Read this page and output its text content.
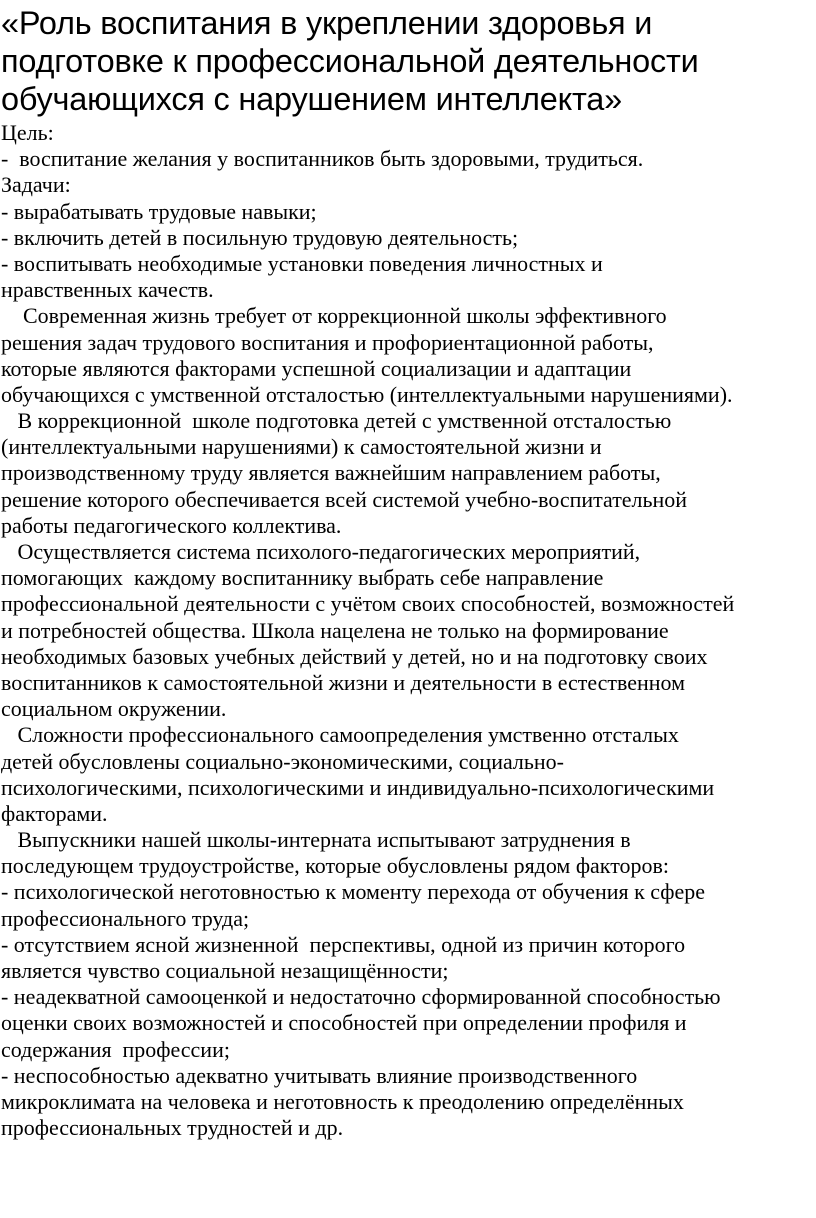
«Роль воспитания в укреплении здоровья и
подготовке к профессиональной деятельности
обучающихся с нарушением интеллекта»
Цель:
-  воспитание желания у воспитанников быть здоровыми, трудиться.
Задачи:
- вырабатывать трудовые навыки;
- включить детей в посильную трудовую деятельность;
- воспитывать необходимые установки поведения личностных и
нравственных качеств.
Современная жизнь требует от коррекционной школы эффективного
решения задач трудового воспитания и профориентационной работы,
которые являются факторами успешной социализации и адаптации
обучающихся с умственной отсталостью (интеллектуальными нарушениями).
В коррекционной  школе подготовка детей с умственной отсталостью
(интеллектуальными нарушениями) к самостоятельной жизни и
производственному труду является важнейшим направлением работы,
решение которого обеспечивается всей системой учебно-воспитательной
работы педагогического коллектива.
Осуществляется система психолого-педагогических мероприятий,
помогающих  каждому воспитаннику выбрать себе направление
профессиональной деятельности с учётом своих способностей, возможностей
и потребностей общества. Школа нацелена не только на формирование
необходимых базовых учебных действий у детей, но и на подготовку своих
воспитанников к самостоятельной жизни и деятельности в естественном
социальном окружении.
Сложности профессионального самоопределения умственно отсталых
детей обусловлены социально-экономическими, социально-
психологическими, психологическими и индивидуально-психологическими
факторами.
Выпускники нашей школы-интерната испытывают затруднения в
последующем трудоустройстве, которые обусловлены рядом факторов:
- психологической неготовностью к моменту перехода от обучения к сфере
профессионального труда;
- отсутствием ясной жизненной  перспективы, одной из причин которого
является чувство социальной незащищённости;
- неадекватной самооценкой и недостаточно сформированной способностью
оценки своих возможностей и способностей при определении профиля и
содержания  профессии;
- неспособностью адекватно учитывать влияние производственного
микроклимата на человека и неготовность к преодолению определённых
профессиональных трудностей и др.
